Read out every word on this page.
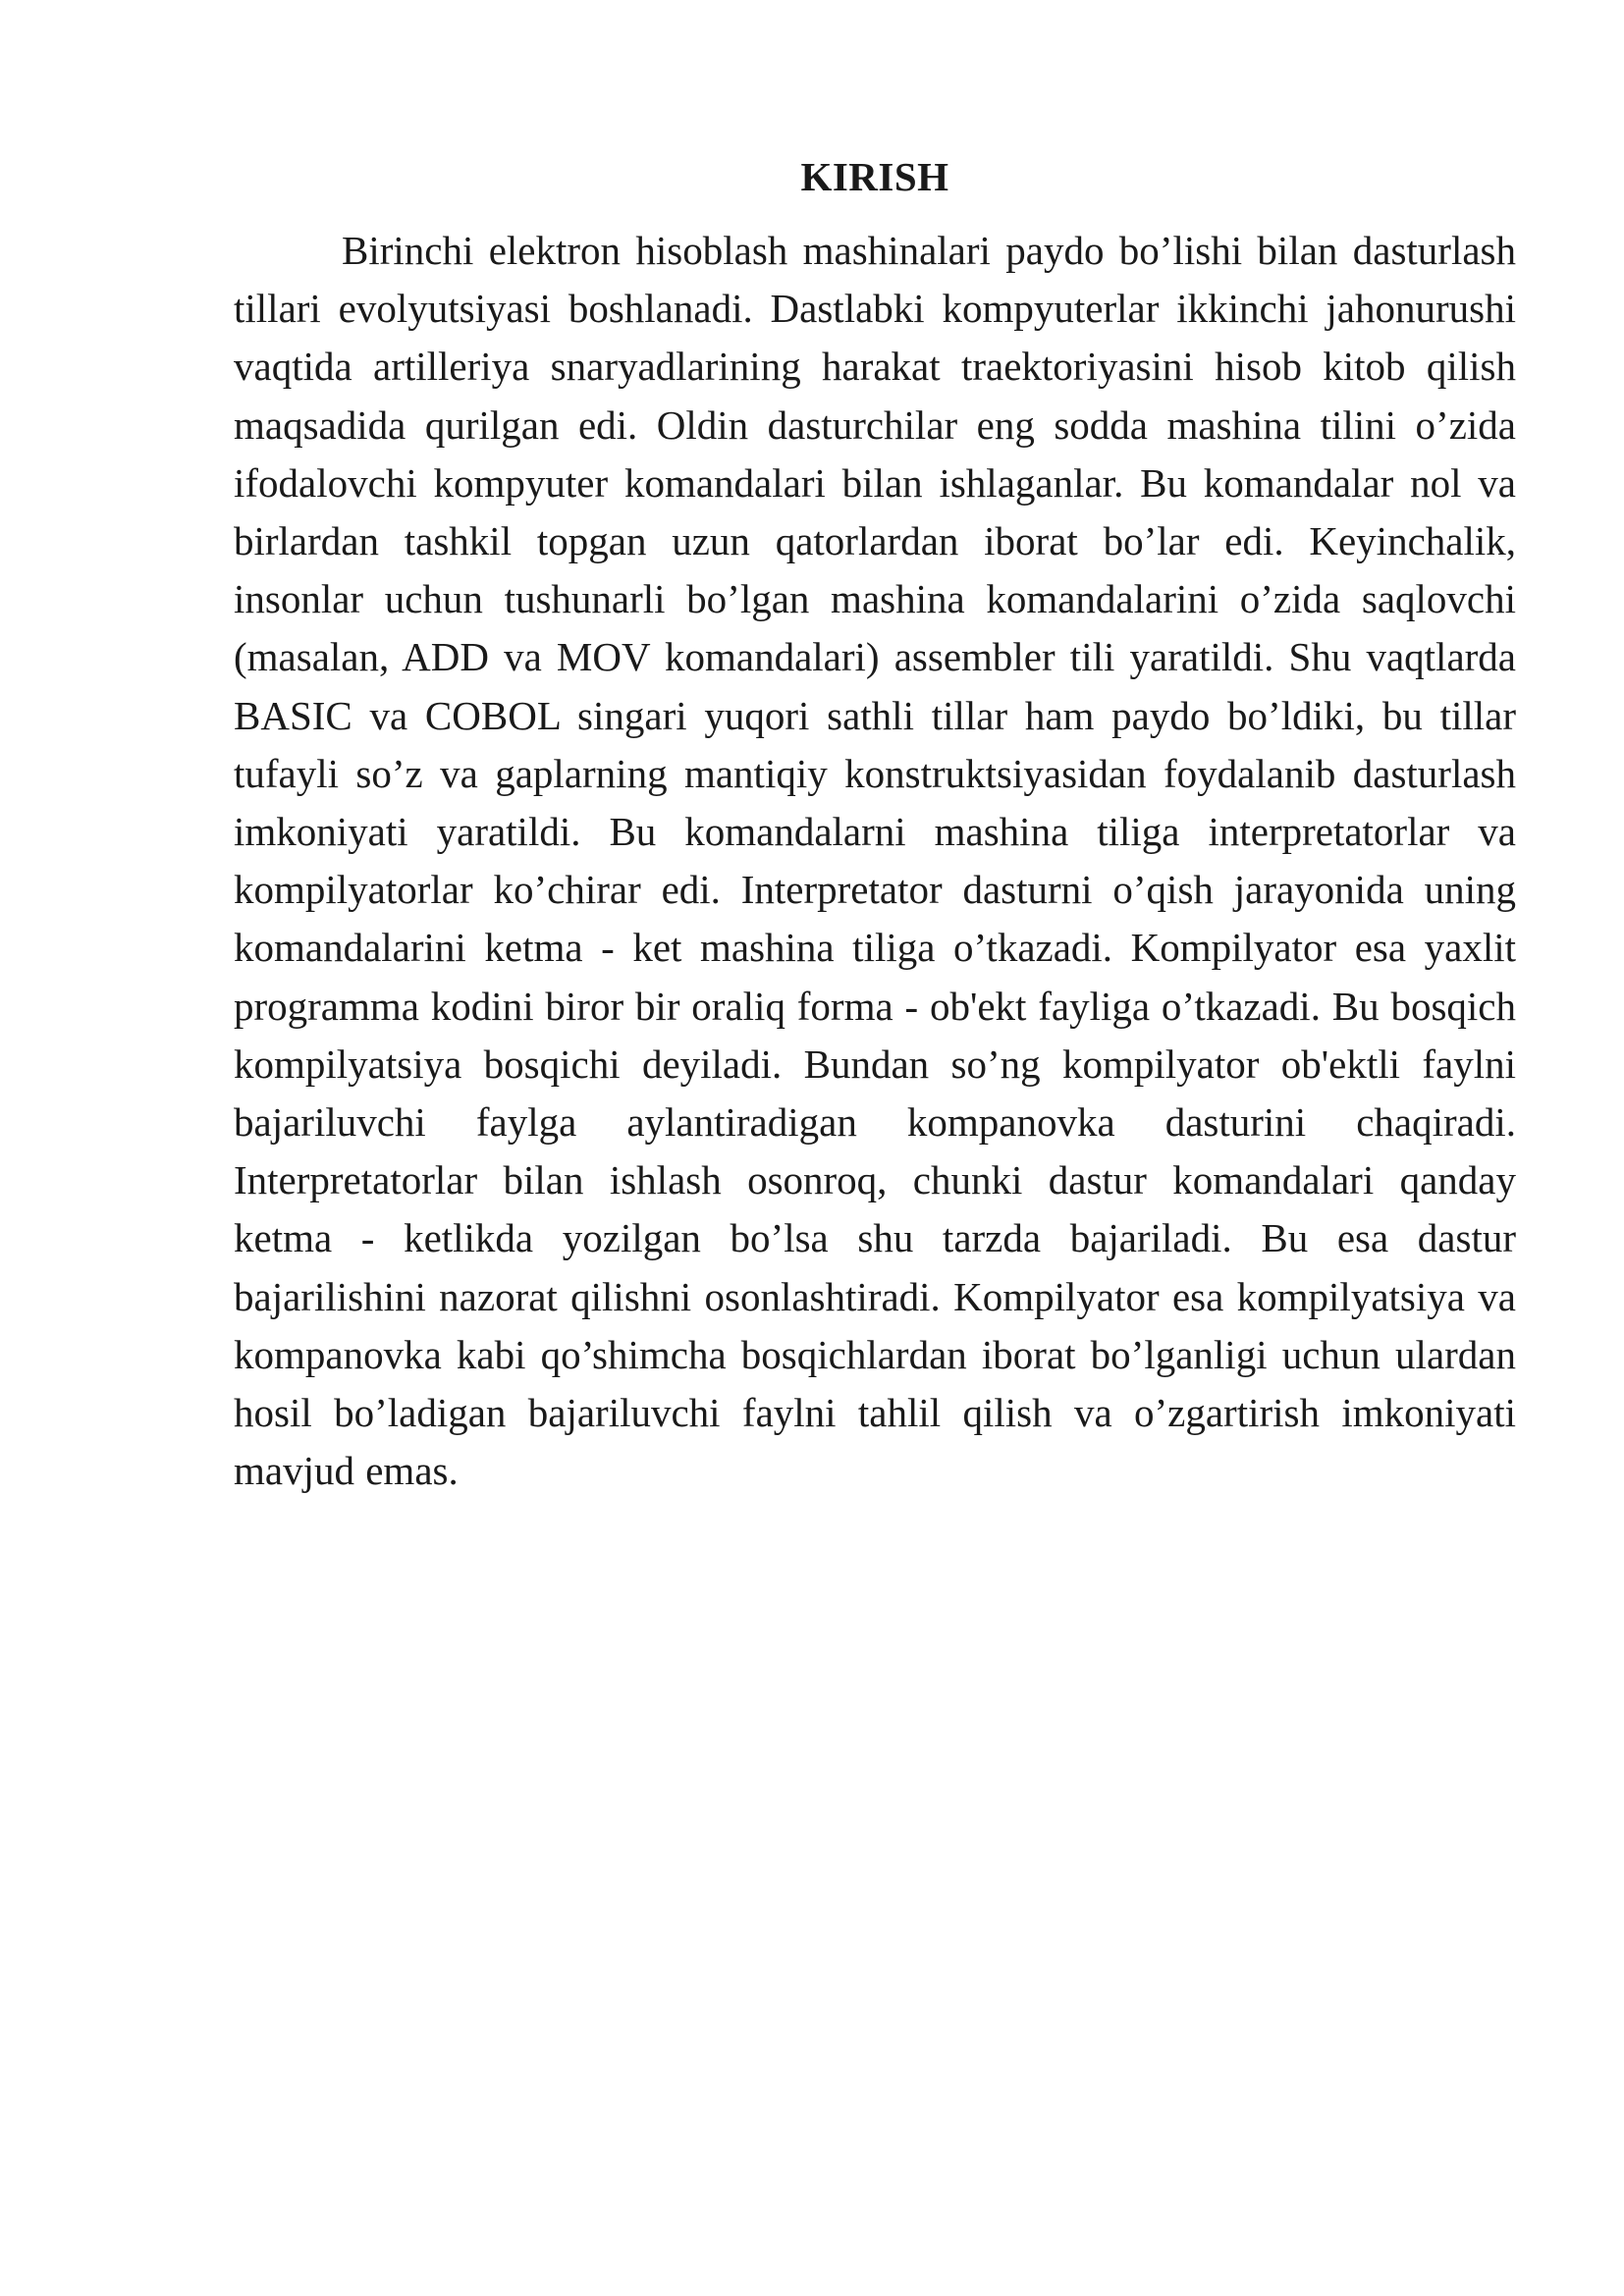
KIRISH

Birinchi elektron hisoblash mashinalari paydo bo’lishi bilan dasturlash tillari evolyutsiyasi boshlanadi. Dastlabki kompyuterlar ikkinchi jahonurushi vaqtida artilleriya snaryadlarining harakat traektoriyasini hisob kitob qilish maqsadida qurilgan edi. Oldin dasturchilar eng sodda mashina tilini o’zida ifodalovchi kompyuter komandalari bilan ishlaganlar. Bu komandalar nol va birlardan tashkil topgan uzun qatorlardan iborat bo’lar edi. Keyinchalik, insonlar uchun tushunarli bo’lgan mashina komandalarini o’zida saqlovchi (masalan, ADD va MOV komandalari) assembler tili yaratildi. Shu vaqtlarda BASIC va COBOL singari yuqori sathli tillar ham paydo bo’ldiki, bu tillar tufayli so’z va gaplarning mantiqiy konstruktsiyasidan foydalanib dasturlash imkoniyati yaratildi. Bu komandalarni mashina tiliga interpretatorlar va kompilyatorlar ko’chirar edi. Interpretator dasturni o’qish jarayonida uning komandalarini ketma - ket mashina tiliga o’tkazadi. Kompilyator esa yaxlit programma kodini biror bir oraliq forma - ob'ekt fayliga o’tkazadi. Bu bosqich kompilyatsiya bosqichi deyiladi. Bundan so’ng kompilyator ob'ektli faylni bajariluvchi faylga aylantiradigan kompanovka dasturini chaqiradi. Interpretatorlar bilan ishlash osonroq, chunki dastur komandalari qanday ketma - ketlikda yozilgan bo’lsa shu tarzda bajariladi. Bu esa dastur bajarilishini nazorat qilishni osonlashtiradi. Kompilyator esa kompilyatsiya va kompanovka kabi qo’shimcha bosqichlardan iborat bo’lganligi uchun ulardan hosil bo’ladigan bajariluvchi faylni tahlil qilish va o’zgartirish imkoniyati mavjud emas.
